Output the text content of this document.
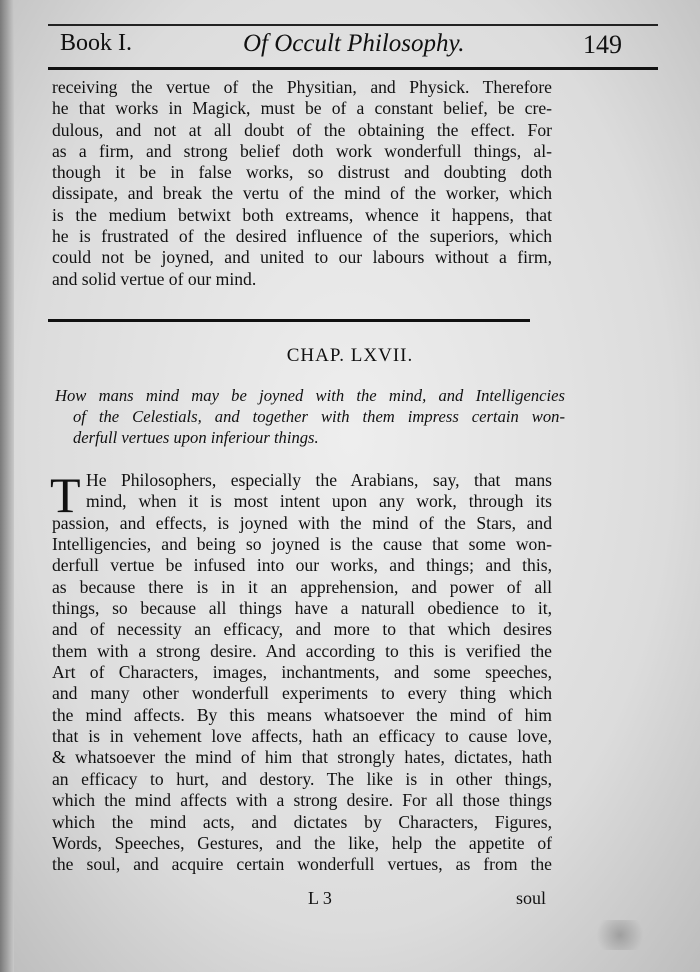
Book I.	Of Occult Philosophy.	149
receiving the vertue of the Physitian, and Physick. Therefore
he that works in Magick, must be of a constant belief, be cre-
dulous, and not at all doubt of the obtaining the effect. For
as a firm, and strong belief doth work wonderfull things, al-
though it be in false works, so distrust and doubting doth
dissipate, and break the vertu of the mind of the worker, which
is the medium betwixt both extreams, whence it happens, that
he is frustrated of the desired influence of the superiors, which
could not be joyned, and united to our labours without a firm,
and solid vertue of our mind.
CHAP. LXVII.
How mans mind may be joyned with the mind, and Intelligencies
of the Celestials, and together with them impress certain won-
derfull vertues upon inferiour things.
T He Philosophers, especially the Arabians, say, that mans
mind, when it is most intent upon any work, through its
passion, and effects, is joyned with the mind of the Stars, and
Intelligencies, and being so joyned is the cause that some won-
derfull vertue be infused into our works, and things; and this,
as because there is in it an apprehension, and power of all
things, so because all things have a naturall obedience to it,
and of necessity an efficacy, and more to that which desires
them with a strong desire. And according to this is verified the
Art of Characters, images, inchantments, and some speeches,
and many other wonderfull experiments to every thing which
the mind affects. By this means whatsoever the mind of him
that is in vehement love affects, hath an efficacy to cause love,
& whatsoever the mind of him that strongly hates, dictates, hath
an efficacy to hurt, and destory. The like is in other things,
which the mind affects with a strong desire. For all those things
which the mind acts, and dictates by Characters, Figures,
Words, Speeches, Gestures, and the like, help the appetite of
the soul, and acquire certain wonderfull vertues, as from the
L 3	soul
